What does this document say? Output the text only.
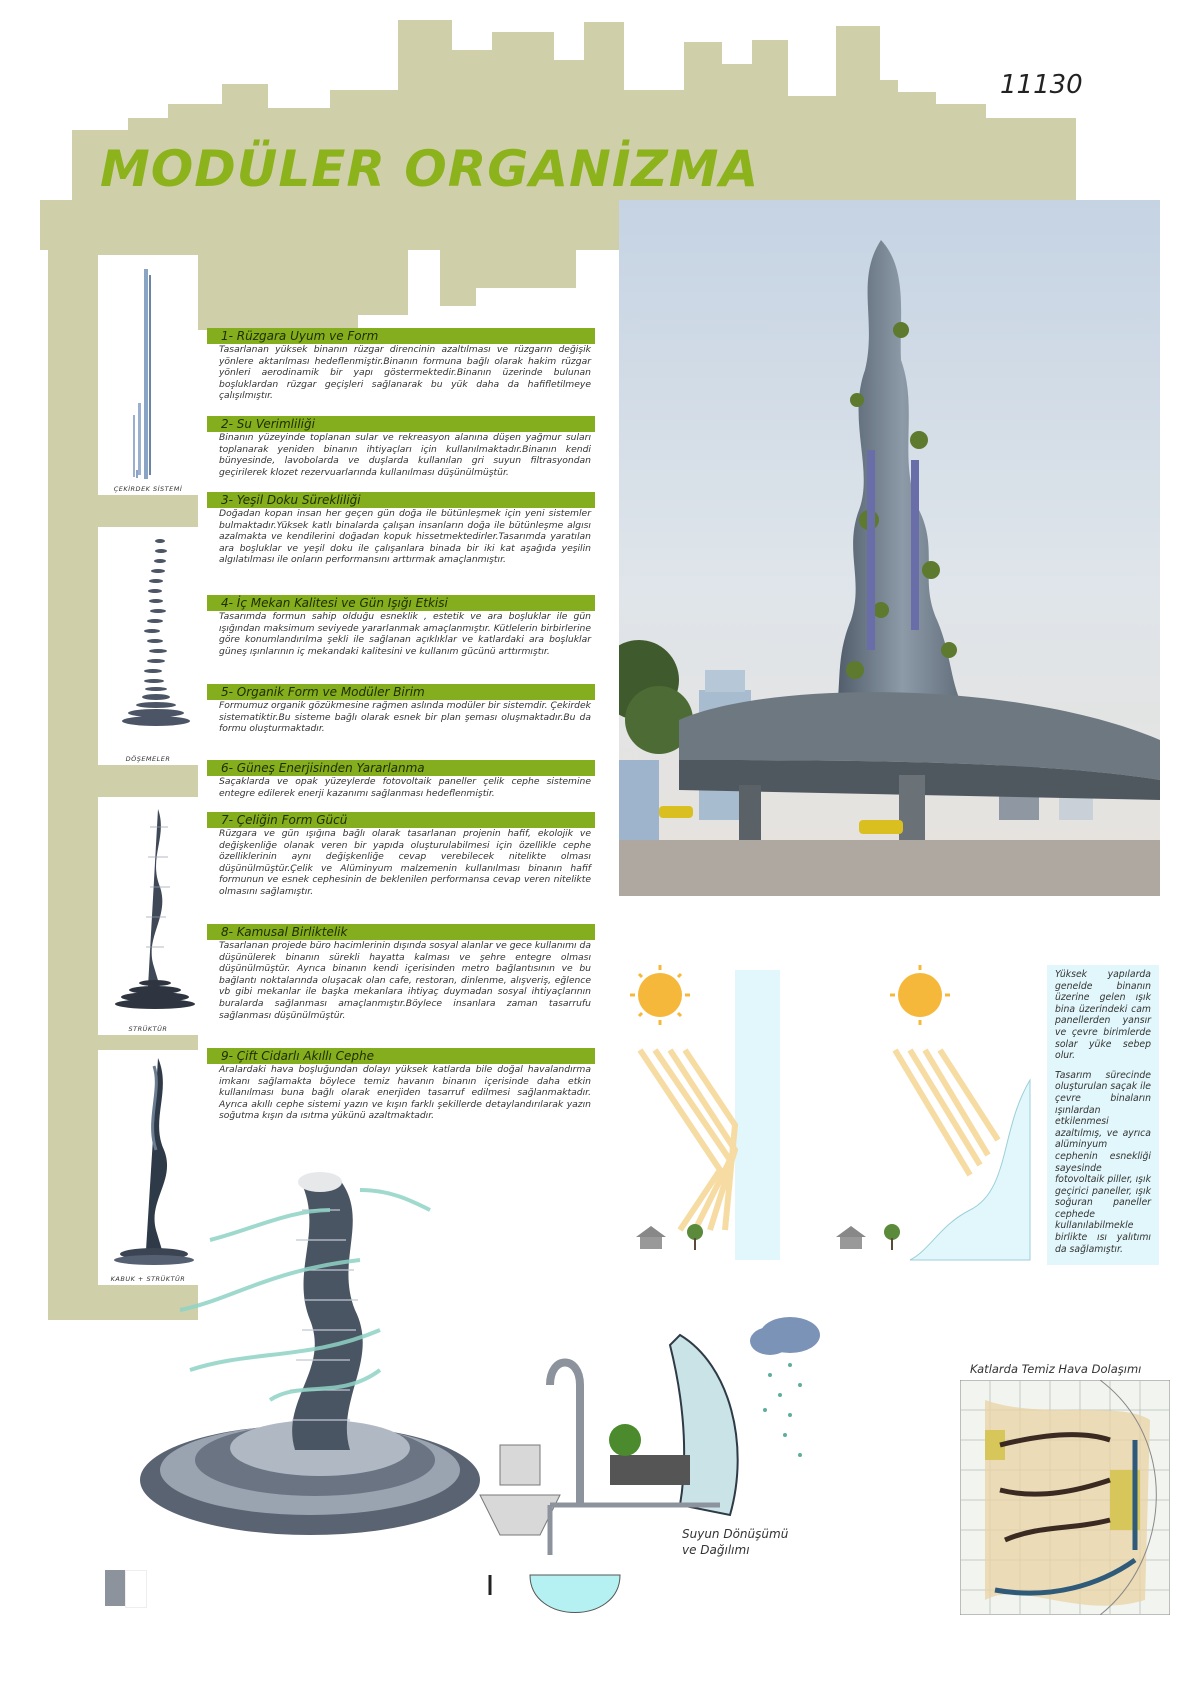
11130
MODÜLER ORGANİZMA
ÇEKİRDEK SİSTEMİ
DÖŞEMELER
STRÜKTÜR
KABUK + STRÜKTÜR
1- Rüzgara Uyum ve Form
Tasarlanan yüksek binanın rüzgar direncinin azaltılması ve rüzgarın değişik yönlere aktarılması hedeflenmiştir.Binanın formuna bağlı olarak hakim rüzgar yönleri aerodinamik bir yapı göstermektedir.Binanın üzerinde bulunan boşluklardan rüzgar geçişleri sağlanarak bu yük daha da hafifletilmeye çalışılmıştır.
2- Su Verimliliği
Binanın yüzeyinde toplanan sular ve rekreasyon alanına düşen yağmur suları toplanarak yeniden binanın ihtiyaçları için kullanılmaktadır.Binanın kendi bünyesinde, lavobolarda ve duşlarda kullanılan gri suyun filtrasyondan geçirilerek klozet rezervuarlarında kullanılması düşünülmüştür.
3- Yeşil Doku Sürekliliği
Doğadan kopan insan her geçen gün doğa ile bütünleşmek için yeni sistemler bulmaktadır.Yüksek katlı binalarda çalışan insanların doğa ile bütünleşme algısı azalmakta ve kendilerini doğadan kopuk hissetmektedirler.Tasarımda yaratılan ara boşluklar ve yeşil doku ile çalışanlara binada bir iki kat aşağıda yeşilin algılatılması ile onların performansını arttırmak amaçlanmıştır.
4- İç Mekan Kalitesi ve Gün Işığı Etkisi
Tasarımda formun sahip olduğu esneklik , estetik ve ara boşluklar ile gün ışığından maksimum seviyede yararlanmak amaçlanmıştır. Kütlelerin birbirlerine göre konumlandırılma şekli ile sağlanan açıklıklar ve katlardaki ara boşluklar güneş ışınlarının iç mekandaki kalitesini ve kullanım gücünü arttırmıştır.
5- Organik Form ve Modüler Birim
Formumuz organik gözükmesine rağmen aslında modüler bir sistemdir. Çekirdek sistematiktir.Bu sisteme bağlı olarak esnek bir plan şeması oluşmaktadır.Bu da formu oluşturmaktadır.
6- Güneş Enerjisinden Yararlanma
Saçaklarda ve opak yüzeylerde fotovoltaik paneller çelik cephe sistemine entegre edilerek enerji kazanımı sağlanması hedeflenmiştir.
7- Çeliğin Form Gücü
Rüzgara ve gün ışığına bağlı olarak tasarlanan projenin hafif, ekolojik ve değişkenliğe olanak veren bir yapıda oluşturulabilmesi için özellikle cephe özelliklerinin aynı değişkenliğe cevap verebilecek nitelikte olması düşünülmüştür.Çelik ve Alüminyum malzemenin kullanılması binanın hafif formunun ve esnek cephesinin de beklenilen performansa cevap veren nitelikte olmasını sağlamıştır.
8- Kamusal Birliktelik
Tasarlanan projede büro hacimlerinin dışında sosyal alanlar ve gece kullanımı da düşünülerek binanın sürekli hayatta kalması ve şehre entegre olması düşünülmüştür. Ayrıca binanın kendi içerisinden metro bağlantısının ve bu bağlantı noktalarında oluşacak olan cafe, restoran, dinlenme, alışveriş, eğlence vb gibi mekanlar ile başka mekanlara ihtiyaç duymadan sosyal ihtiyaçlarının buralarda sağlanması amaçlanmıştır.Böylece insanlara zaman tasarrufu sağlanması düşünülmüştür.
9- Çift Cidarlı Akıllı Cephe
Aralardaki hava boşluğundan dolayı yüksek katlarda bile doğal havalandırma imkanı sağlamakta böylece temiz havanın binanın içerisinde daha etkin kullanılması buna bağlı olarak enerjiden tasarruf edilmesi sağlanmaktadır. Ayrıca akıllı cephe sistemi yazın ve kışın farklı şekillerde detaylandırılarak yazın soğutma kışın da ısıtma yükünü azaltmaktadır.

Yüksek yapılarda genelde binanın üzerine gelen ışık bina üzerindeki cam panellerden yansır ve çevre birimlerde solar yüke sebep olur.

Tasarım sürecinde oluşturulan saçak ile çevre binaların ışınlardan etkilenmesi azaltılmış, ve ayrıca alüminyum cephenin esnekliği sayesinde fotovoltaik piller, ışık geçirici paneller, ışık soğuran paneller cephede kullanılabilmekle birlikte ısı yalıtımı da sağlamıştır.

Suyun Dönüşümü
ve Dağılımı
Katlarda Temiz Hava Dolaşımı
